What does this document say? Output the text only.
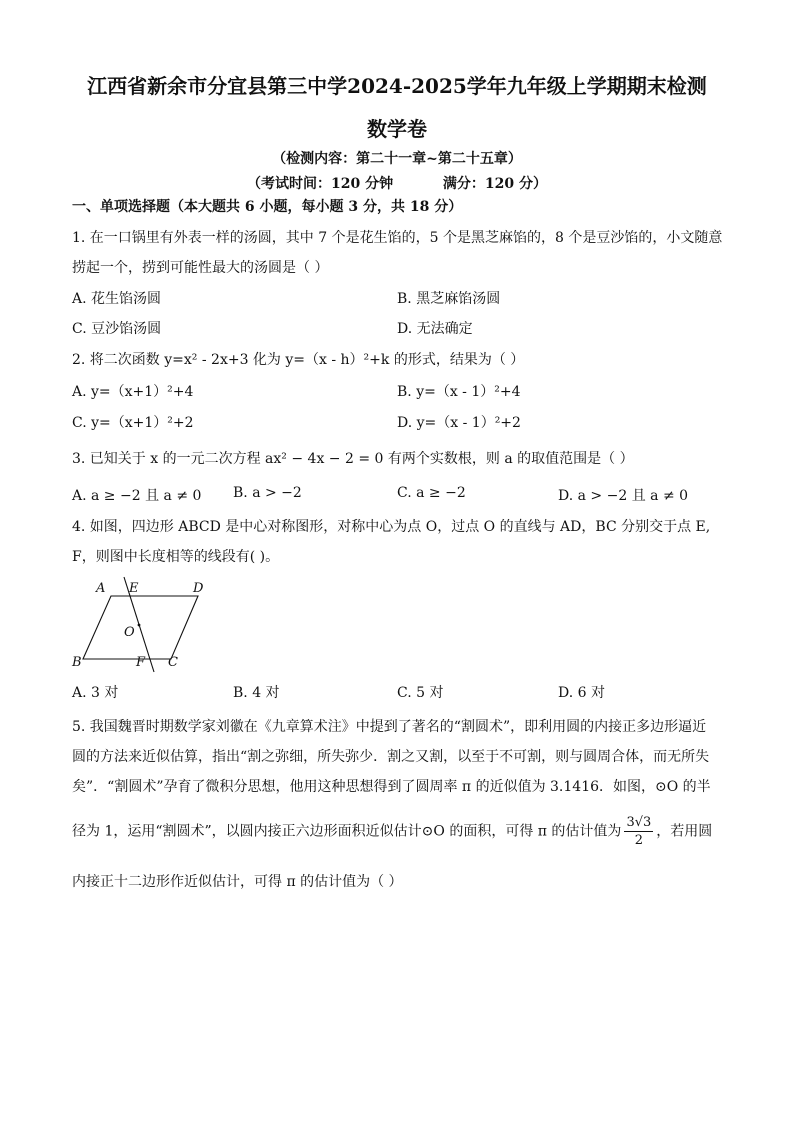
江西省新余市分宜县第三中学2024-2025学年九年级上学期期末检测
数学卷
（检测内容：第二十一章~第二十五章）
（考试时间：120 分钟	满分：120 分）
一、单项选择题（本大题共 6 小题，每小题 3 分，共 18 分）
1. 在一口锅里有外表一样的汤圆，其中 7 个是花生馅的，5 个是黑芝麻馅的，8 个是豆沙馅的，小文随意
捞起一个，捞到可能性最大的汤圆是（ ）
A. 花生馅汤圆	B. 黑芝麻馅汤圆
C. 豆沙馅汤圆	D. 无法确定
2. 将二次函数 y=x² - 2x+3 化为 y=（x - h）²+k 的形式，结果为（ ）
A. y=（x+1）²+4	B. y=（x - 1）²+4
C. y=（x+1）²+2	D. y=（x - 1）²+2
3. 已知关于 x 的一元二次方程 ax² − 4x − 2 = 0 有两个实数根，则 a 的取值范围是（ ）
A. a ≥ −2 且 a ≠ 0 B. a > −2	C. a ≥ −2	D. a > −2 且 a ≠ 0
4. 如图，四边形 ABCD 是中心对称图形，对称中心为点 O，过点 O 的直线与 AD，BC 分别交于点 E,
F，则图中长度相等的线段有( )。
A E	D
O
B	F C
A. 3 对	B. 4 对	C. 5 对	D. 6 对
5. 我国魏晋时期数学家刘徽在《九章算术注》中提到了著名的“割圆术”，即利用圆的内接正多边形逼近
圆的方法来近似估算，指出“割之弥细，所失弥少．割之又割，以至于不可割，则与圆周合体，而无所失
矣”．“割圆术”孕育了微积分思想，他用这种思想得到了圆周率 π 的近似值为 3.1416．如图，⊙O 的半
径为 1，运用“割圆术”，以圆内接正六边形面积近似估计⊙O 的面积，可得 π 的估计值为 $\frac{3√3}{2}$ ，若用圆
内接正十二边形作近似估计，可得 π 的估计值为（ ）
